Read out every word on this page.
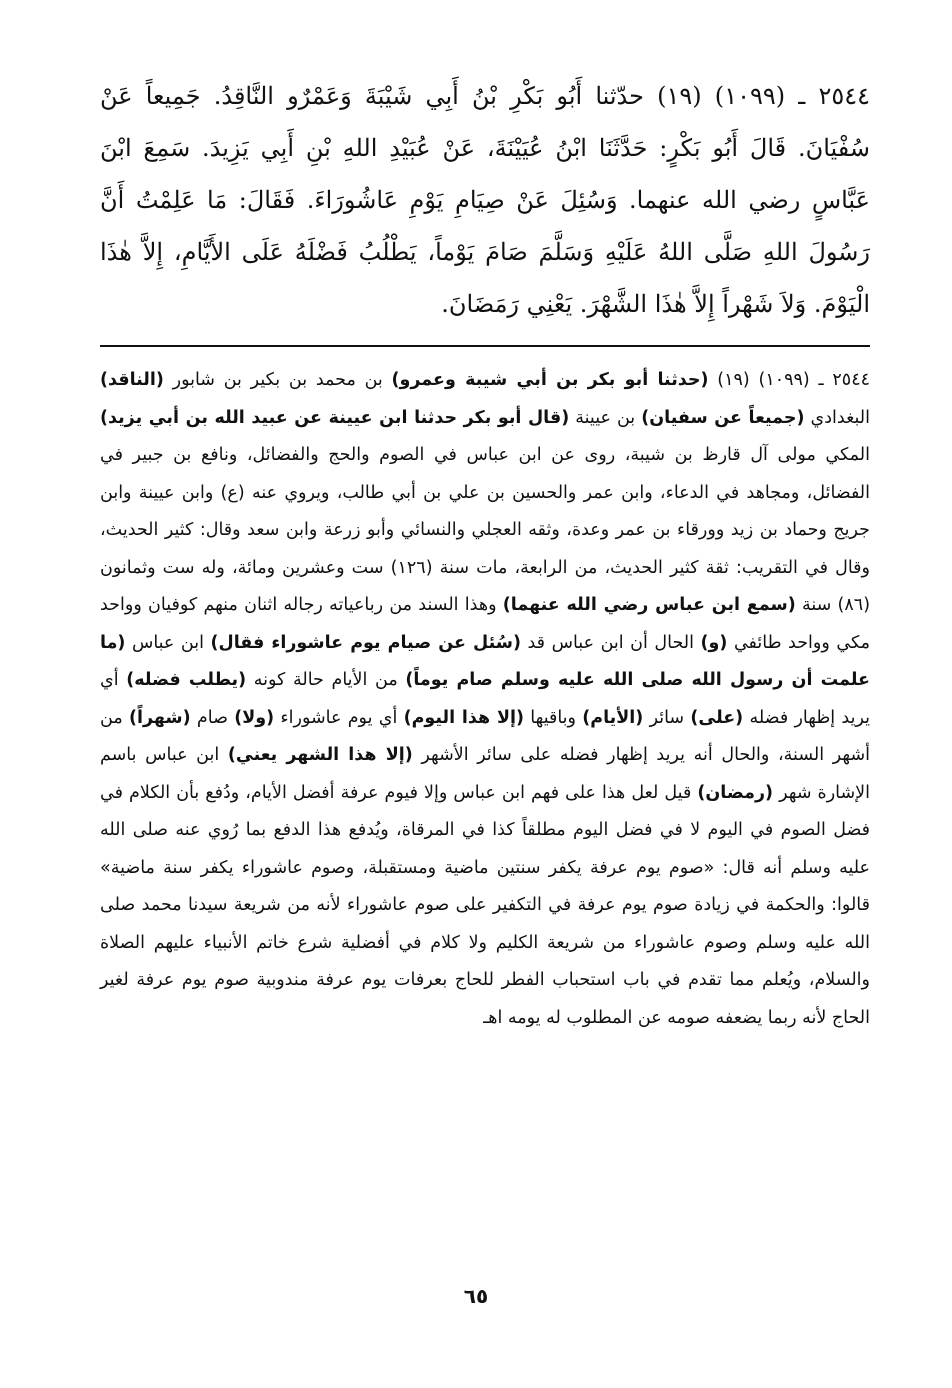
٢٥٤٤ ـ (١٠٩٩) (١٩) حدّثنا أَبُو بَكْرِ بْنُ أَبِي شَيْبَةَ وَعَمْرٌو النَّاقِدُ. جَمِيعاً عَنْ سُفْيَانَ. قَالَ أَبُو بَكْرٍ: حَدَّثَنَا ابْنُ عُيَيْنَةَ، عَنْ عُبَيْدِ اللهِ بْنِ أَبِي يَزِيدَ. سَمِعَ ابْنَ عَبَّاسٍ رضي الله عنهما. وَسُئِلَ عَنْ صِيَامِ يَوْمِ عَاشُورَاءَ. فَقَالَ: مَا عَلِمْتُ أَنَّ رَسُولَ اللهِ صَلَّى اللهُ عَلَيْهِ وَسَلَّمَ صَامَ يَوْماً، يَطْلُبُ فَضْلَهُ عَلَى الأَيَّامِ، إِلاَّ هٰذَا الْيَوْمَ. وَلاَ شَهْراً إِلاَّ هٰذَا الشَّهْرَ. يَعْنِي رَمَضَانَ.

٢٥٤٤ ـ (١٠٩٩) (١٩) (حدثنا أبو بكر بن أبي شيبة وعمرو) بن محمد بن بكير بن شابور (الناقد) البغدادي (جميعاً عن سفيان) بن عيينة (قال أبو بكر حدثنا ابن عيينة عن عبيد الله بن أبي يزيد) المكي مولى آل قارظ بن شيبة، روى عن ابن عباس في الصوم والحج والفضائل، ونافع بن جبير في الفضائل، ومجاهد في الدعاء، وابن عمر والحسين بن علي بن أبي طالب، ويروي عنه (ع) وابن عيينة وابن جريج وحماد بن زيد وورقاء بن عمر وعدة، وثقه العجلي والنسائي وأبو زرعة وابن سعد وقال: كثير الحديث، وقال في التقريب: ثقة كثير الحديث، من الرابعة، مات سنة (١٢٦) ست وعشرين ومائة، وله ست وثمانون (٨٦) سنة (سمع ابن عباس رضي الله عنهما) وهذا السند من رباعياته رجاله اثنان منهم كوفيان وواحد مكي وواحد طائفي (و) الحال أن ابن عباس قد (سُئل عن صيام يوم عاشوراء فقال) ابن عباس (ما علمت أن رسول الله صلى الله عليه وسلم صام يوماً) من الأيام حالة كونه (يطلب فضله) أي يريد إظهار فضله (على) سائر (الأيام) وباقيها (إلا هذا اليوم) أي يوم عاشوراء (ولا) صام (شهراً) من أشهر السنة، والحال أنه يريد إظهار فضله على سائر الأشهر (إلا هذا الشهر يعني) ابن عباس باسم الإشارة شهر (رمضان) قيل لعل هذا على فهم ابن عباس وإلا فيوم عرفة أفضل الأيام، ودُفع بأن الكلام في فضل الصوم في اليوم لا في فضل اليوم مطلقاً كذا في المرقاة، ويُدفع هذا الدفع بما رُوي عنه صلى الله عليه وسلم أنه قال: «صوم يوم عرفة يكفر سنتين ماضية ومستقبلة، وصوم عاشوراء يكفر سنة ماضية» قالوا: والحكمة في زيادة صوم يوم عرفة في التكفير على صوم عاشوراء لأنه من شريعة سيدنا محمد صلى الله عليه وسلم وصوم عاشوراء من شريعة الكليم ولا كلام في أفضلية شرع خاتم الأنبياء عليهم الصلاة والسلام، ويُعلم مما تقدم في باب استحباب الفطر للحاج بعرفات يوم عرفة مندوبية صوم يوم عرفة لغير الحاج لأنه ربما يضعفه صومه عن المطلوب له يومه اهـ

٦٥
